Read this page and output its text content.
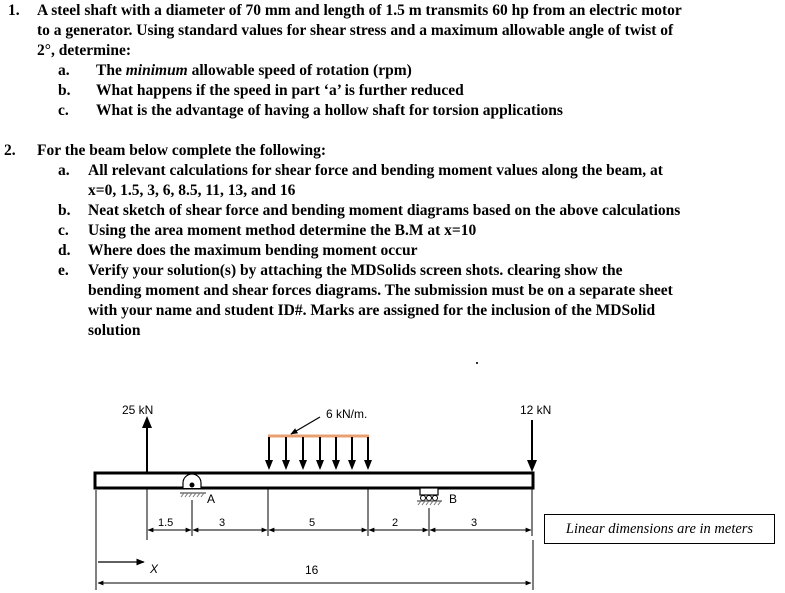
1. A steel shaft with a diameter of 70 mm and length of 1.5 m transmits 60 hp from an electric motor
to a generator. Using standard values for shear stress and a maximum allowable angle of twist of
2°, determine:
a. The minimum allowable speed of rotation (rpm)
b. What happens if the speed in part ‘a’ is further reduced
c. What is the advantage of having a hollow shaft for torsion applications
2. For the beam below complete the following:
a. All relevant calculations for shear force and bending moment values along the beam, at
x=0, 1.5, 3, 6, 8.5, 11, 13, and 16
b. Neat sketch of shear force and bending moment diagrams based on the above calculations
c. Using the area moment method determine the B.M at x=10
d. Where does the maximum bending moment occur
e. Verify your solution(s) by attaching the MDSolids screen shots. clearing show the
bending moment and shear forces diagrams. The submission must be on a separate sheet
with your name and student ID#. Marks are assigned for the inclusion of the MDSolid
solution
25 kN	12 kN
6 kN/m.
A	B
1.5	3	5	2	3
X	16
Linear dimensions are in meters
